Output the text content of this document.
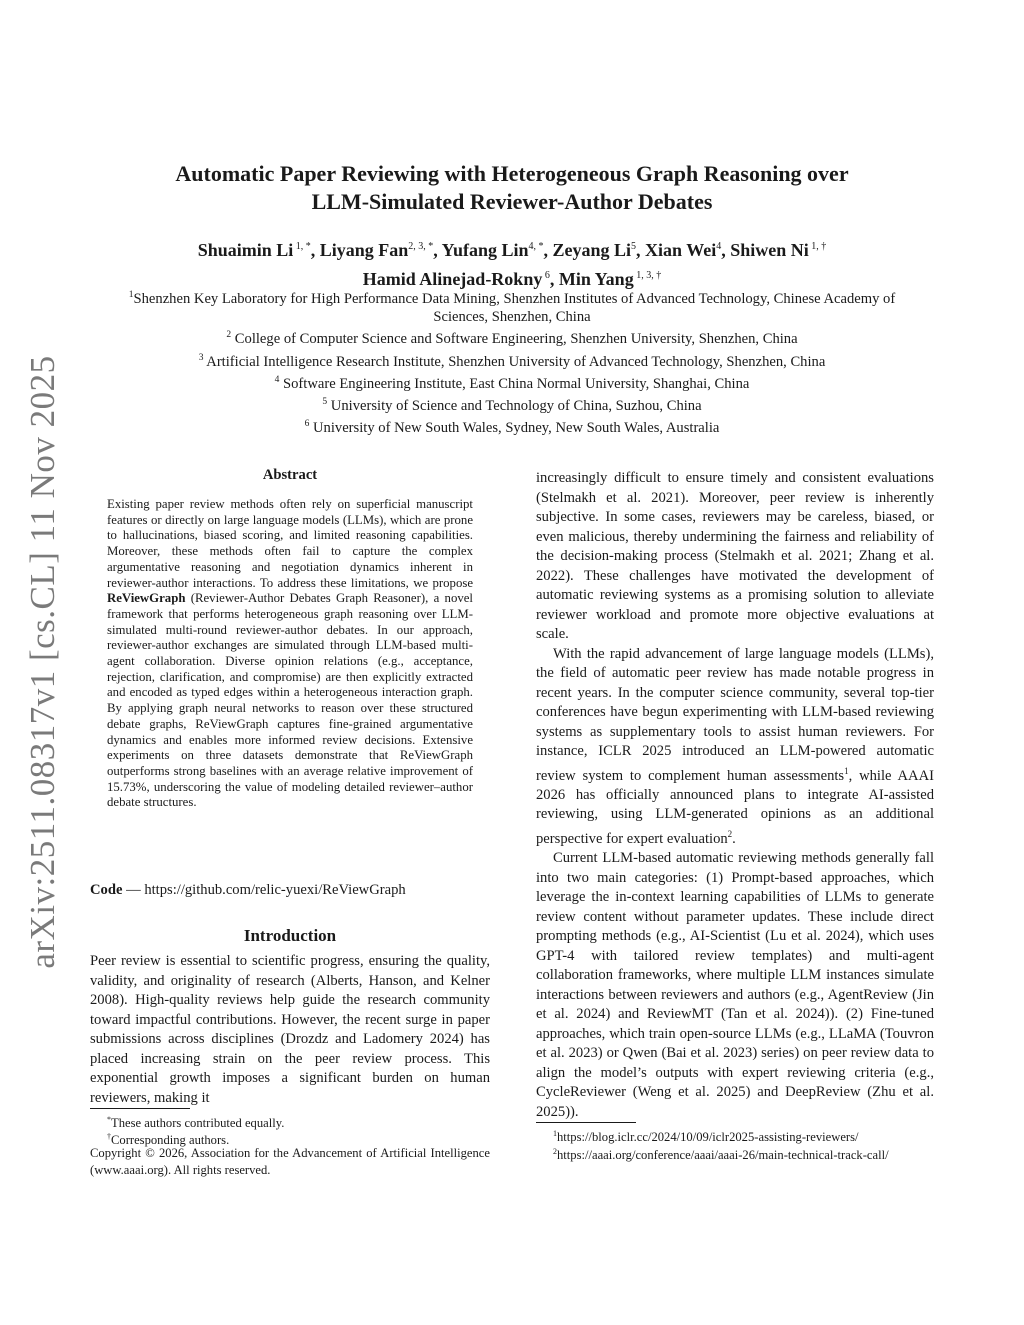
arXiv:2511.08317v1 [cs.CL] 11 Nov 2025
Automatic Paper Reviewing with Heterogeneous Graph Reasoning over
LLM-Simulated Reviewer-Author Debates
Shuaimin Li $^{1, *}$, Liyang Fan$^{2, 3, *}$, Yufang Lin$^{4, *}$, Zeyang Li$^5$, Xian Wei$^4$, Shiwen Ni $^{1, \dagger}$
Hamid Alinejad-Rokny $^6$, Min Yang $^{1, 3, \dagger}$
$^1$Shenzhen Key Laboratory for High Performance Data Mining, Shenzhen Institutes of Advanced Technology, Chinese Academy of Sciences, Shenzhen, China
$^2$ College of Computer Science and Software Engineering, Shenzhen University, Shenzhen, China
$^3$ Artificial Intelligence Research Institute, Shenzhen University of Advanced Technology, Shenzhen, China
$^4$ Software Engineering Institute, East China Normal University, Shanghai, China
$^5$ University of Science and Technology of China, Suzhou, China
$^6$ University of New South Wales, Sydney, New South Wales, Australia
Abstract

Existing paper review methods often rely on superficial manuscript features or directly on large language models (LLMs), which are prone to hallucinations, biased scoring, and limited reasoning capabilities. Moreover, these methods often fail to capture the complex argumentative reasoning and negotiation dynamics inherent in reviewer-author interactions. To address these limitations, we propose ReViewGraph (Reviewer-Author Debates Graph Reasoner), a novel framework that performs heterogeneous graph reasoning over LLM-simulated multi-round reviewer-author debates. In our approach, reviewer-author exchanges are simulated through LLM-based multi-agent collaboration. Diverse opinion relations (e.g., acceptance, rejection, clarification, and compromise) are then explicitly extracted and encoded as typed edges within a heterogeneous interaction graph. By applying graph neural networks to reason over these structured debate graphs, ReViewGraph captures fine-grained argumentative dynamics and enables more informed review decisions. Extensive experiments on three datasets demonstrate that ReViewGraph outperforms strong baselines with an average relative improvement of 15.73%, underscoring the value of modeling detailed reviewer–author debate structures.

Code — https://github.com/relic-yuexi/ReViewGraph
Introduction

Peer review is essential to scientific progress, ensuring the quality, validity, and originality of research (Alberts, Hanson, and Kelner 2008). High-quality reviews help guide the research community toward impactful contributions. However, the recent surge in paper submissions across disciplines (Drozdz and Ladomery 2024) has placed increasing strain on the peer review process. This exponential growth imposes a significant burden on human reviewers, making it

*These authors contributed equally.
†Corresponding authors.
Copyright © 2026, Association for the Advancement of Artificial Intelligence (www.aaai.org). All rights reserved.

increasingly difficult to ensure timely and consistent evaluations (Stelmakh et al. 2021). Moreover, peer review is inherently subjective. In some cases, reviewers may be careless, biased, or even malicious, thereby undermining the fairness and reliability of the decision-making process (Stelmakh et al. 2021; Zhang et al. 2022). These challenges have motivated the development of automatic reviewing systems as a promising solution to alleviate reviewer workload and promote more objective evaluations at scale.

With the rapid advancement of large language models (LLMs), the field of automatic peer review has made notable progress in recent years. In the computer science community, several top-tier conferences have begun experimenting with LLM-based reviewing systems as supplementary tools to assist human reviewers. For instance, ICLR 2025 introduced an LLM-powered automatic review system to complement human assessments$^1$, while AAAI 2026 has officially announced plans to integrate AI-assisted reviewing, using LLM-generated opinions as an additional perspective for expert evaluation$^2$.

Current LLM-based automatic reviewing methods generally fall into two main categories: (1) Prompt-based approaches, which leverage the in-context learning capabilities of LLMs to generate review content without parameter updates. These include direct prompting methods (e.g., AI-Scientist (Lu et al. 2024), which uses GPT-4 with tailored review templates) and multi-agent collaboration frameworks, where multiple LLM instances simulate interactions between reviewers and authors (e.g., AgentReview (Jin et al. 2024) and ReviewMT (Tan et al. 2024)). (2) Fine-tuned approaches, which train open-source LLMs (e.g., LLaMA (Touvron et al. 2023) or Qwen (Bai et al. 2023) series) on peer review data to align the model’s outputs with expert reviewing criteria (e.g., CycleReviewer (Weng et al. 2025) and DeepReview (Zhu et al. 2025)).

$^1$https://blog.iclr.cc/2024/10/09/iclr2025-assisting-reviewers/
$^2$https://aaai.org/conference/aaai/aaai-26/main-technical-track-call/
